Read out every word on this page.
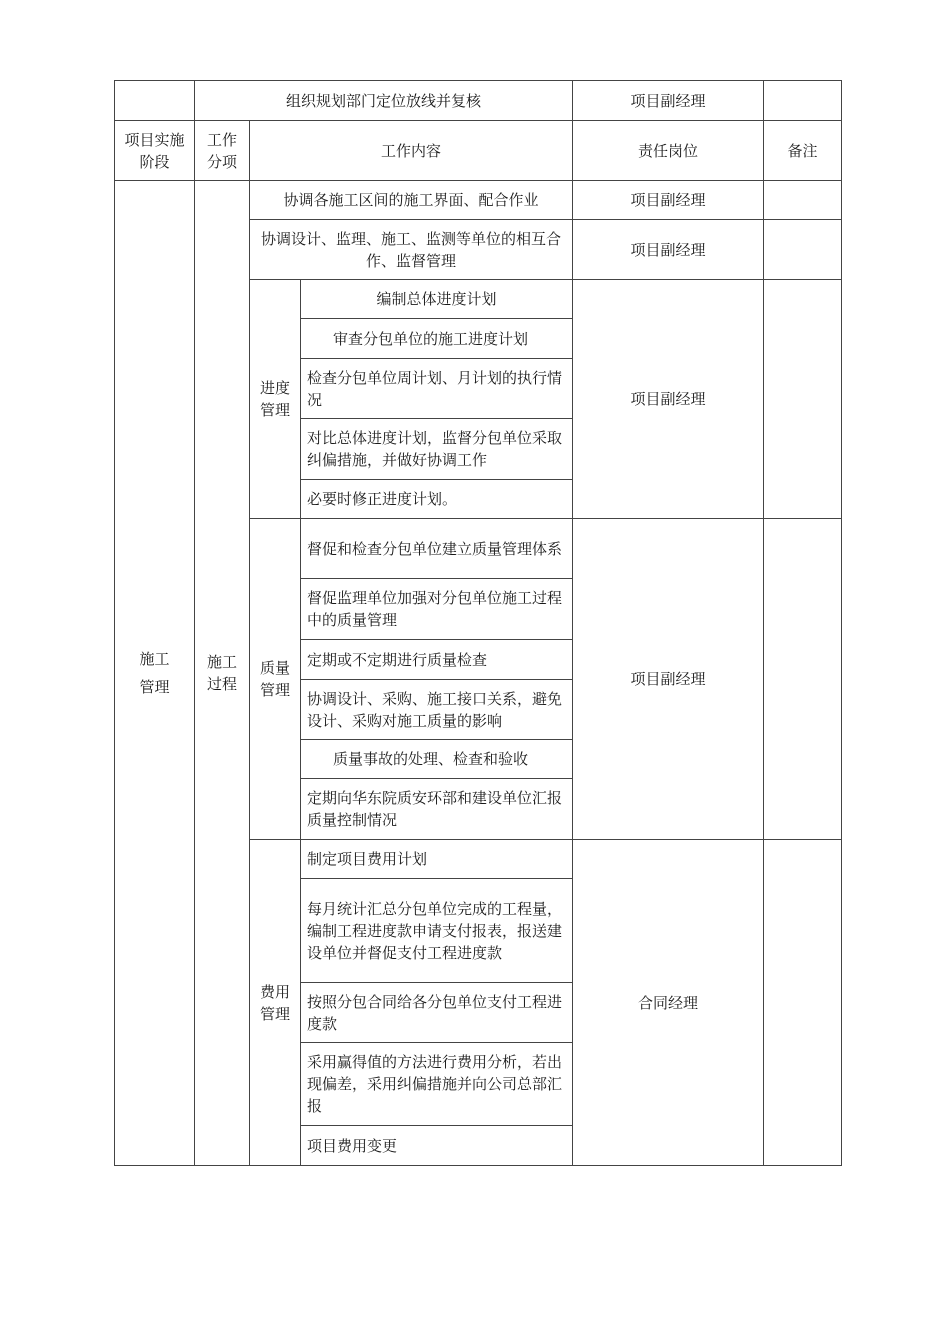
	组织规划部门定位放线并复核			项目副经理	
项目实施阶段	工作分项	工作内容		责任岗位	备注
施工管理	施工过程	协调各施工区间的施工界面、配合作业		项目副经理	
		协调设计、监理、施工、监测等单位的相互合作、监督管理		项目副经理	
		进度管理	编制总体进度计划	项目副经理	
			审查分包单位的施工进度计划		
			检查分包单位周计划、月计划的执行情况		
			对比总体进度计划，监督分包单位采取纠偏措施，并做好协调工作		
			必要时修正进度计划。		
		质量管理	督促和检查分包单位建立质量管理体系	项目副经理	
			督促监理单位加强对分包单位施工过程中的质量管理		
			定期或不定期进行质量检查		
			协调设计、采购、施工接口关系，避免设计、采购对施工质量的影响		
			质量事故的处理、检查和验收		
			定期向华东院质安环部和建设单位汇报质量控制情况		
		费用管理	制定项目费用计划	合同经理	
			每月统计汇总分包单位完成的工程量，编制工程进度款申请支付报表，报送建设单位并督促支付工程进度款		
			按照分包合同给各分包单位支付工程进度款		
			采用赢得值的方法进行费用分析，若出现偏差，采用纠偏措施并向公司总部汇报		
			项目费用变更		
